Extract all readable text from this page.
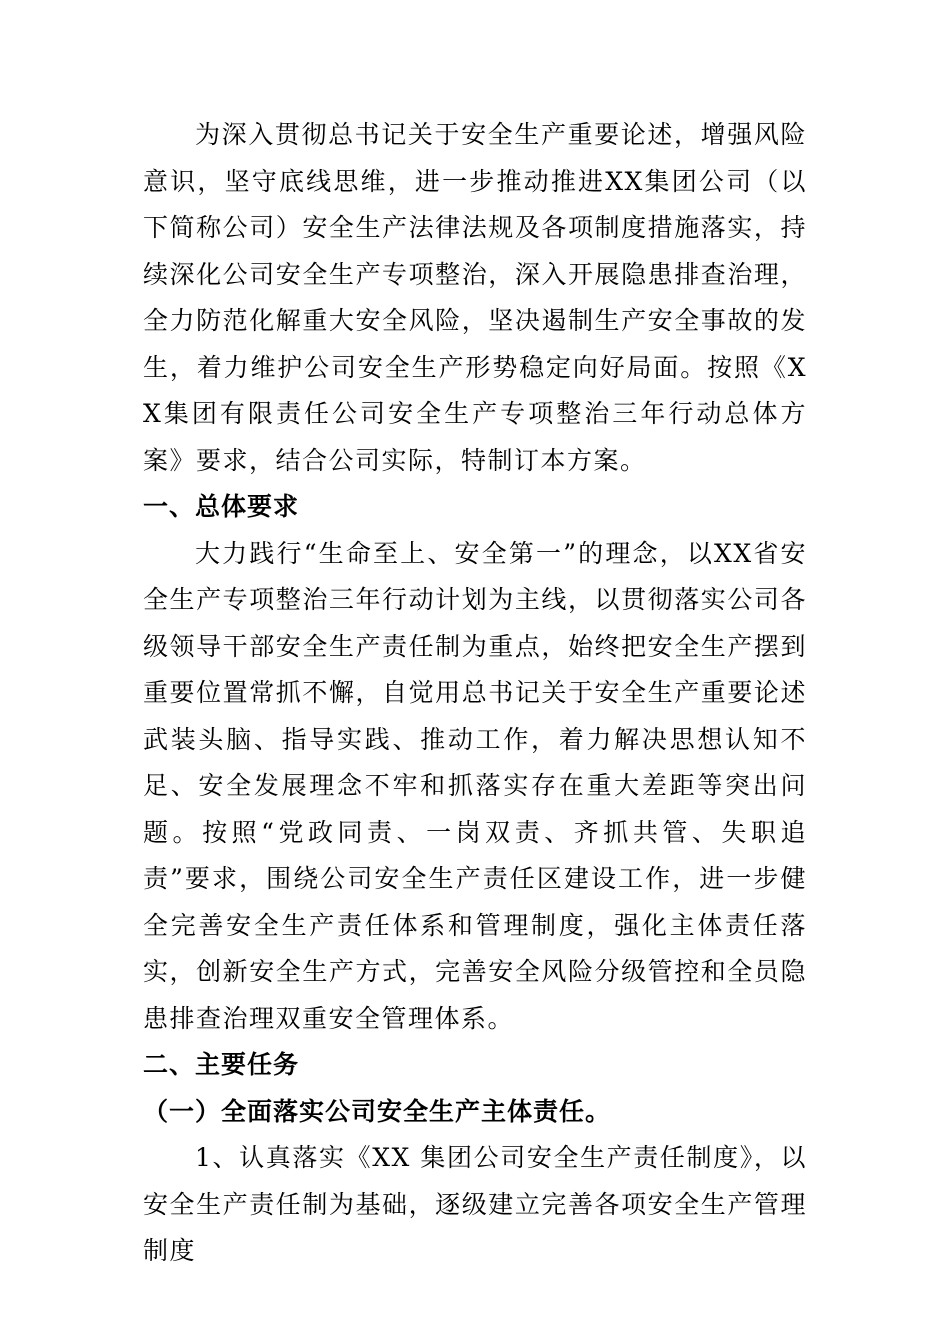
为深入贯彻总书记关于安全生产重要论述，增强风险意识，坚守底线思维，进一步推动推进XX集团公司（以下简称公司）安全生产法律法规及各项制度措施落实，持续深化公司安全生产专项整治，深入开展隐患排查治理，全力防范化解重大安全风险，坚决遏制生产安全事故的发生，着力维护公司安全生产形势稳定向好局面。按照《XX集团有限责任公司安全生产专项整治三年行动总体方案》要求，结合公司实际，特制订本方案。

一、总体要求

大力践行“生命至上、安全第一”的理念，以XX省安全生产专项整治三年行动计划为主线，以贯彻落实公司各级领导干部安全生产责任制为重点，始终把安全生产摆到重要位置常抓不懈，自觉用总书记关于安全生产重要论述武装头脑、指导实践、推动工作，着力解决思想认知不足、安全发展理念不牢和抓落实存在重大差距等突出问题。按照“党政同责、一岗双责、齐抓共管、失职追责”要求，围绕公司安全生产责任区建设工作，进一步健全完善安全生产责任体系和管理制度，强化主体责任落实，创新安全生产方式，完善安全风险分级管控和全员隐患排查治理双重安全管理体系。

二、主要任务
（一）全面落实公司安全生产主体责任。

1、认真落实《XX 集团公司安全生产责任制度》，以安全生产责任制为基础，逐级建立完善各项安全生产管理制度
